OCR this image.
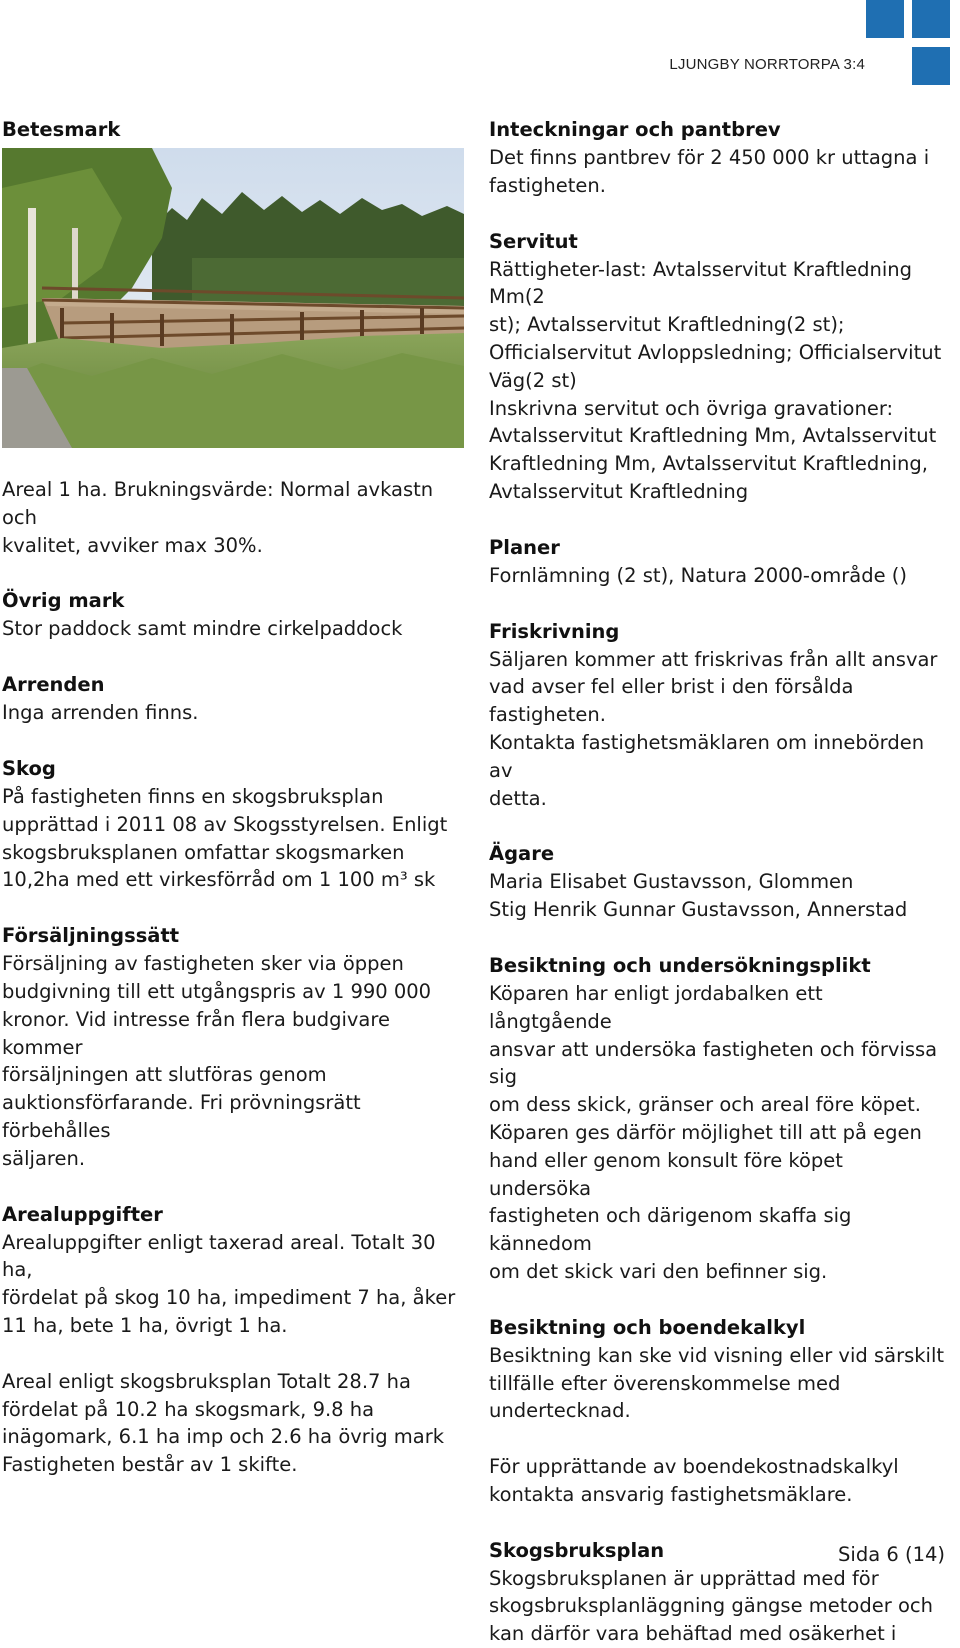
LJUNGBY NORRTORPA 3:4
Betesmark

Areal 1 ha. Brukningsvärde: Normal avkastn och

kvalitet, avviker max 30%.

Övrig mark

Stor paddock samt mindre cirkelpaddock

Arrenden

Inga arrenden finns.

Skog

På fastigheten finns en skogsbruksplan

upprättad i 2011 08 av Skogsstyrelsen. Enligt

skogsbruksplanen omfattar skogsmarken

10,2ha med ett virkesförråd om 1 100 m³ sk

Försäljningssätt

Försäljning av fastigheten sker via öppen

budgivning till ett utgångspris av 1 990 000

kronor. Vid intresse från flera budgivare kommer

försäljningen att slutföras genom

auktionsförfarande. Fri prövningsrätt förbehålles

säljaren.

Arealuppgifter

Arealuppgifter enligt taxerad areal. Totalt 30 ha,

fördelat på skog 10 ha, impediment 7 ha, åker

11 ha, bete 1 ha, övrigt 1 ha.

Areal enligt skogsbruksplan Totalt 28.7 ha

fördelat på 10.2 ha skogsmark, 9.8 ha

inägomark, 6.1 ha imp och 2.6 ha övrig mark

Fastigheten består av 1 skifte.

Inteckningar och pantbrev

Det finns pantbrev för 2 450 000 kr uttagna i

fastigheten.

Servitut

Rättigheter-last: Avtalsservitut Kraftledning Mm(2

st); Avtalsservitut Kraftledning(2 st);

Officialservitut Avloppsledning; Officialservitut

Väg(2 st)

Inskrivna servitut och övriga gravationer:

Avtalsservitut Kraftledning Mm, Avtalsservitut

Kraftledning Mm, Avtalsservitut Kraftledning,

Avtalsservitut Kraftledning

Planer

Fornlämning (2 st), Natura 2000-område ()

Friskrivning

Säljaren kommer att friskrivas från allt ansvar

vad avser fel eller brist i den försålda fastigheten.

Kontakta fastighetsmäklaren om innebörden av

detta.

Ägare

Maria Elisabet Gustavsson, Glommen

Stig Henrik Gunnar Gustavsson, Annerstad

Besiktning och undersökningsplikt

Köparen har enligt jordabalken ett långtgående

ansvar att undersöka fastigheten och förvissa sig

om dess skick, gränser och areal före köpet.

Köparen ges därför möjlighet till att på egen

hand eller genom konsult före köpet undersöka

fastigheten och därigenom skaffa sig kännedom

om det skick vari den befinner sig.

Besiktning och boendekalkyl

Besiktning kan ske vid visning eller vid särskilt

tillfälle efter överenskommelse med

undertecknad.

För upprättande av boendekostnadskalkyl

kontakta ansvarig fastighetsmäklare.

Skogsbruksplan

Skogsbruksplanen är upprättad med för

skogsbruksplanläggning gängse metoder och

kan därför vara behäftad med osäkerhet i

Sida 6 (14)
